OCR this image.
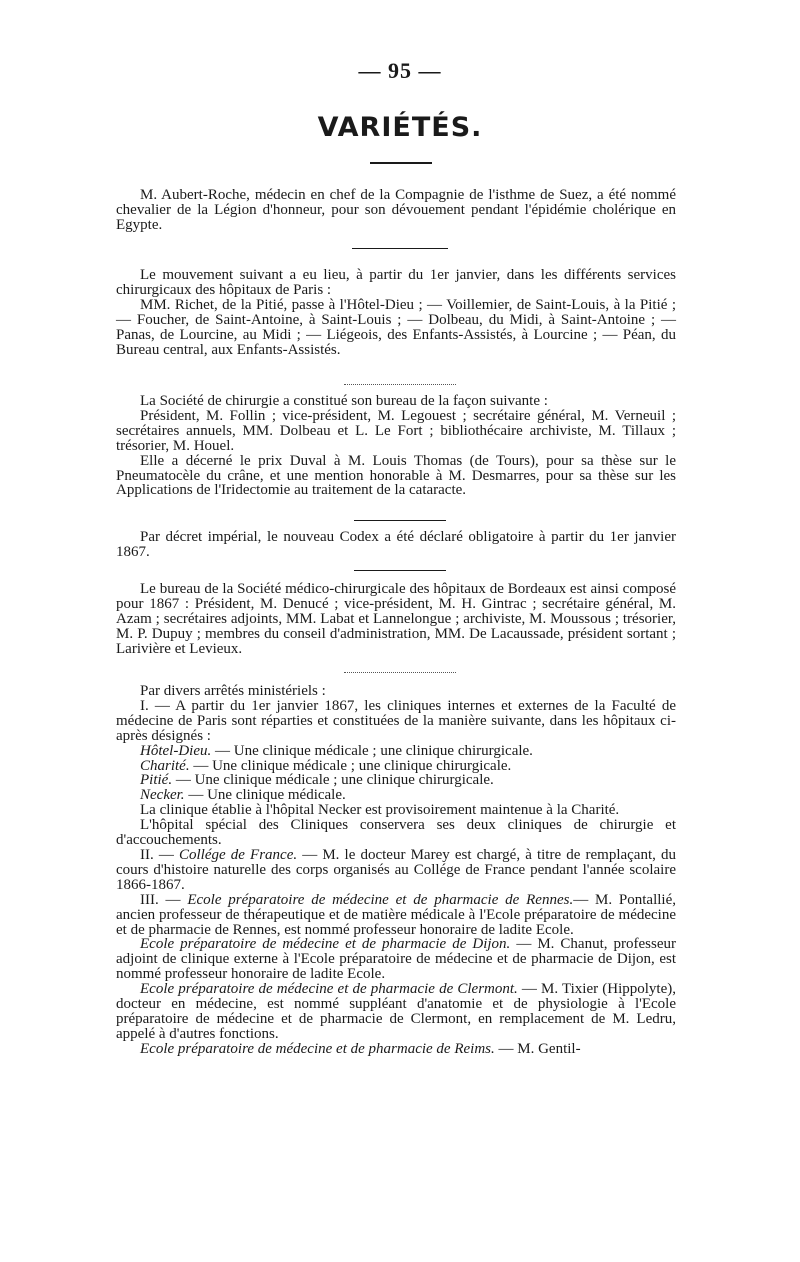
— 95 —
VARIÉTÉS.

M. Aubert-Roche, médecin en chef de la Compagnie de l'isthme de Suez, a été nommé chevalier de la Légion d'honneur, pour son dévouement pendant l'épidémie cholérique en Egypte.

Le mouvement suivant a eu lieu, à partir du 1er janvier, dans les différents services chirurgicaux des hôpitaux de Paris :

MM. Richet, de la Pitié, passe à l'Hôtel-Dieu ; — Voillemier, de Saint-Louis, à la Pitié ; — Foucher, de Saint-Antoine, à Saint-Louis ; — Dolbeau, du Midi, à Saint-Antoine ; — Panas, de Lourcine, au Midi ; — Liégeois, des Enfants-Assistés, à Lourcine ; — Péan, du Bureau central, aux Enfants-Assistés.

La Société de chirurgie a constitué son bureau de la façon suivante :

Président, M. Follin ; vice-président, M. Legouest ; secrétaire général, M. Verneuil ; secrétaires annuels, MM. Dolbeau et L. Le Fort ; bibliothécaire archiviste, M. Tillaux ; trésorier, M. Houel.

Elle a décerné le prix Duval à M. Louis Thomas (de Tours), pour sa thèse sur le Pneumatocèle du crâne, et une mention honorable à M. Desmarres, pour sa thèse sur les Applications de l'Iridectomie au traitement de la cataracte.

Par décret impérial, le nouveau Codex a été déclaré obligatoire à partir du 1er janvier 1867.

Le bureau de la Société médico-chirurgicale des hôpitaux de Bordeaux est ainsi composé pour 1867 : Président, M. Denucé ; vice-président, M. H. Gintrac ; secrétaire général, M. Azam ; secrétaires adjoints, MM. Labat et Lannelongue ; archiviste, M. Moussous ; trésorier, M. P. Dupuy ; membres du conseil d'administration, MM. De Lacaussade, président sortant ; Larivière et Levieux.

Par divers arrêtés ministériels :

I. — A partir du 1er janvier 1867, les cliniques internes et externes de la Faculté de médecine de Paris sont réparties et constituées de la manière suivante, dans les hôpitaux ci-après désignés :

Hôtel-Dieu. — Une clinique médicale ; une clinique chirurgicale.

Charité. — Une clinique médicale ; une clinique chirurgicale.

Pitié. — Une clinique médicale ; une clinique chirurgicale.

Necker. — Une clinique médicale.

La clinique établie à l'hôpital Necker est provisoirement maintenue à la Charité.

L'hôpital spécial des Cliniques conservera ses deux cliniques de chirurgie et d'accouchements.

II. — Collége de France. — M. le docteur Marey est chargé, à titre de remplaçant, du cours d'histoire naturelle des corps organisés au Collége de France pendant l'année scolaire 1866-1867.

III. — Ecole préparatoire de médecine et de pharmacie de Rennes.— M. Pontallié, ancien professeur de thérapeutique et de matière médicale à l'Ecole préparatoire de médecine et de pharmacie de Rennes, est nommé professeur honoraire de ladite Ecole.

Ecole préparatoire de médecine et de pharmacie de Dijon. — M. Chanut, professeur adjoint de clinique externe à l'Ecole préparatoire de médecine et de pharmacie de Dijon, est nommé professeur honoraire de ladite Ecole.

Ecole préparatoire de médecine et de pharmacie de Clermont. — M. Tixier (Hippolyte), docteur en médecine, est nommé suppléant d'anatomie et de physiologie à l'Ecole préparatoire de médecine et de pharmacie de Clermont, en remplacement de M. Ledru, appelé à d'autres fonctions.

Ecole préparatoire de médecine et de pharmacie de Reims. — M. Gentil-
